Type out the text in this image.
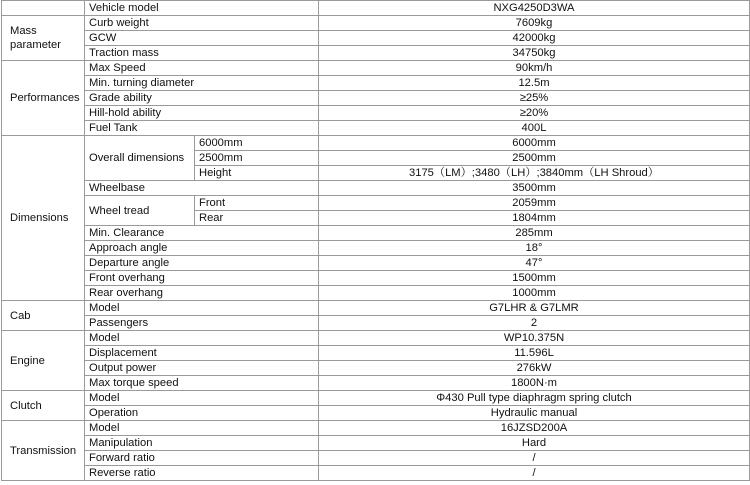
	Vehicle model		NXG4250D3WA
Mass parameter	Curb weight		7609kg
	GCW		42000kg
	Traction mass		34750kg
Performances	Max Speed		90km/h
	Min. turning diameter		12.5m
	Grade ability		≥25%
	Hill-hold ability		≥20%
	Fuel Tank		400L
Dimensions	Overall dimensions	6000mm	6000mm
		2500mm	2500mm
		Height	3175（LM）;3480（LH）;3840mm（LH Shroud）
	Wheelbase		3500mm
	Wheel tread	Front	2059mm
		Rear	1804mm
	Min. Clearance		285mm
	Approach angle		18°
	Departure angle		47°
	Front overhang		1500mm
	Rear overhang		1000mm
Cab	Model		G7LHR & G7LMR
	Passengers		2
Engine	Model		WP10.375N
	Displacement		11.596L
	Output power		276kW
	Max torque speed		1800N·m
Clutch	Model		Φ430 Pull type diaphragm spring clutch
	Operation		Hydraulic manual
Transmission	Model		16JZSD200A
	Manipulation		Hard
	Forward ratio		/
	Reverse ratio		/
